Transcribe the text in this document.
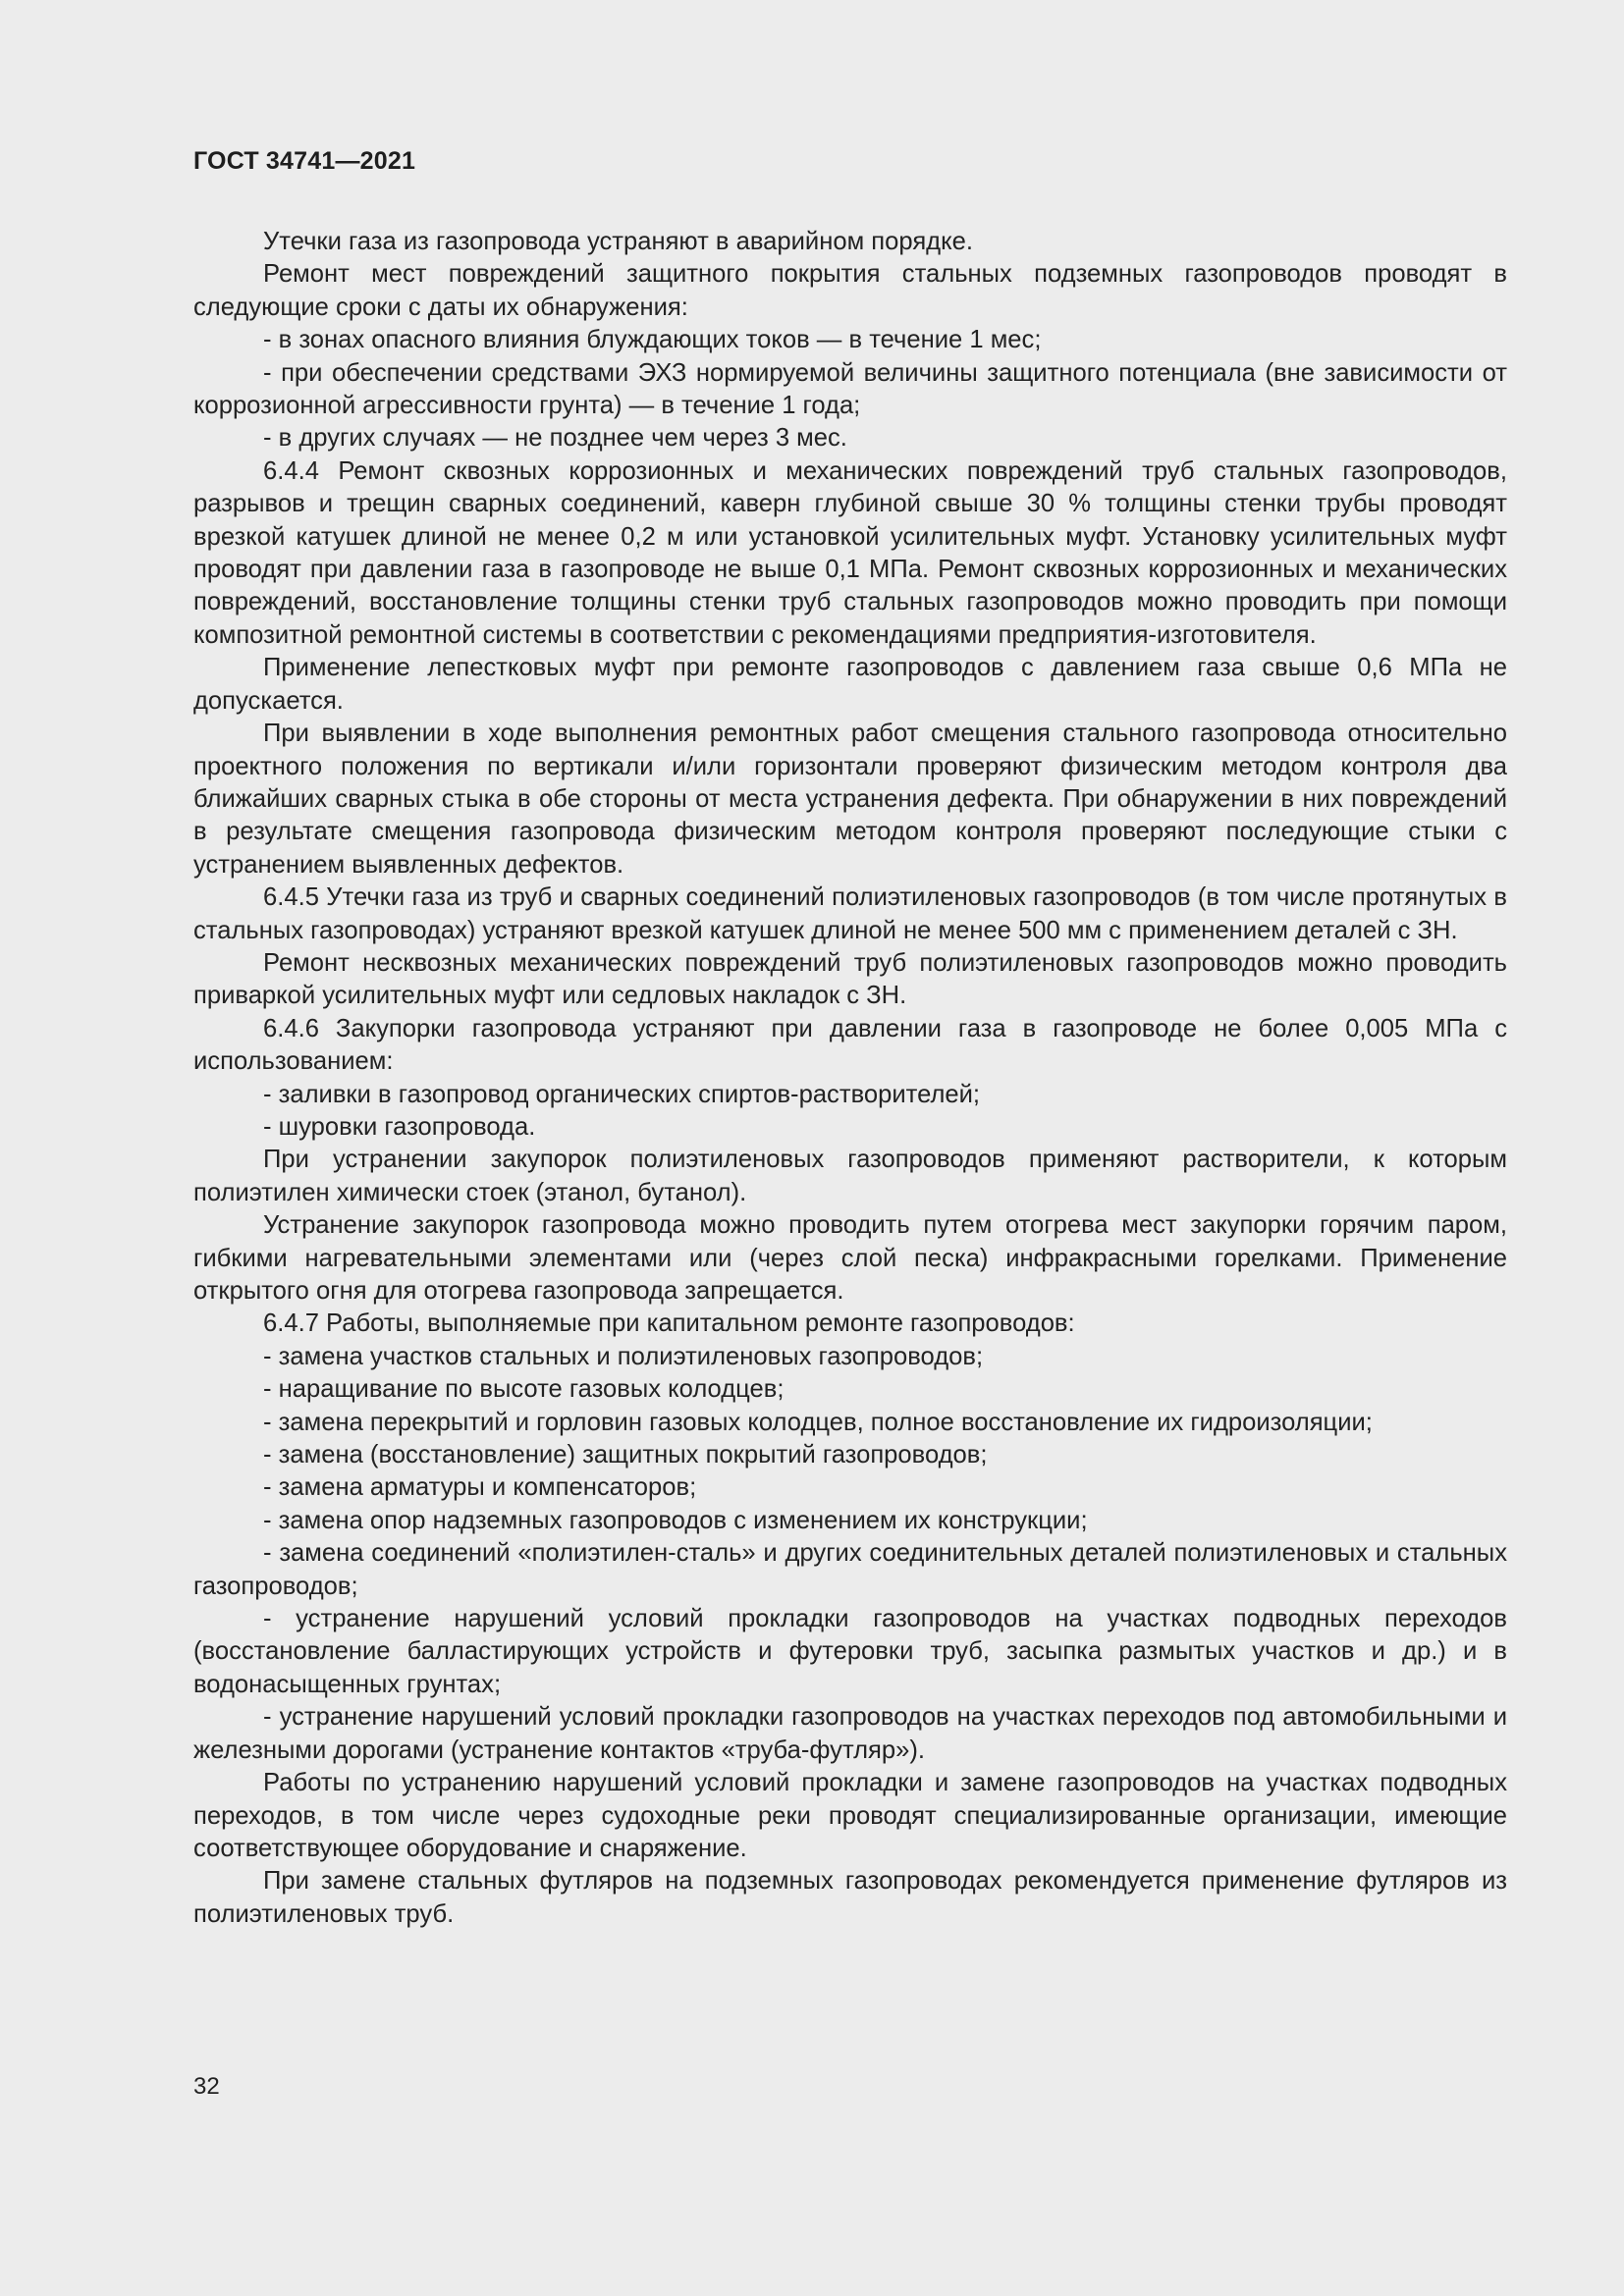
ГОСТ 34741—2021

Утечки газа из газопровода устраняют в аварийном порядке.

Ремонт мест повреждений защитного покрытия стальных подземных газопроводов проводят в следующие сроки с даты их обнаружения:

- в зонах опасного влияния блуждающих токов — в течение 1 мес;

- при обеспечении средствами ЭХЗ нормируемой величины защитного потенциала (вне зависимости от коррозионной агрессивности грунта) — в течение 1 года;

- в других случаях — не позднее чем через 3 мес.

6.4.4 Ремонт сквозных коррозионных и механических повреждений труб стальных газопроводов, разрывов и трещин сварных соединений, каверн глубиной свыше 30 % толщины стенки трубы проводят врезкой катушек длиной не менее 0,2 м или установкой усилительных муфт. Установку усилительных муфт проводят при давлении газа в газопроводе не выше 0,1 МПа. Ремонт сквозных коррозионных и механических повреждений, восстановление толщины стенки труб стальных газопроводов можно проводить при помощи композитной ремонтной системы в соответствии с рекомендациями предприятия-изготовителя.

Применение лепестковых муфт при ремонте газопроводов с давлением газа свыше 0,6 МПа не допускается.

При выявлении в ходе выполнения ремонтных работ смещения стального газопровода относительно проектного положения по вертикали и/или горизонтали проверяют физическим методом контроля два ближайших сварных стыка в обе стороны от места устранения дефекта. При обнаружении в них повреждений в результате смещения газопровода физическим методом контроля проверяют последующие стыки с устранением выявленных дефектов.

6.4.5 Утечки газа из труб и сварных соединений полиэтиленовых газопроводов (в том числе протянутых в стальных газопроводах) устраняют врезкой катушек длиной не менее 500 мм с применением деталей с ЗН.

Ремонт несквозных механических повреждений труб полиэтиленовых газопроводов можно проводить приваркой усилительных муфт или седловых накладок с ЗН.

6.4.6 Закупорки газопровода устраняют при давлении газа в газопроводе не более 0,005 МПа с использованием:

- заливки в газопровод органических спиртов-растворителей;

- шуровки газопровода.

При устранении закупорок полиэтиленовых газопроводов применяют растворители, к которым полиэтилен химически стоек (этанол, бутанол).

Устранение закупорок газопровода можно проводить путем отогрева мест закупорки горячим паром, гибкими нагревательными элементами или (через слой песка) инфракрасными горелками. Применение открытого огня для отогрева газопровода запрещается.

6.4.7 Работы, выполняемые при капитальном ремонте газопроводов:

- замена участков стальных и полиэтиленовых газопроводов;

- наращивание по высоте газовых колодцев;

- замена перекрытий и горловин газовых колодцев, полное восстановление их гидроизоляции;

- замена (восстановление) защитных покрытий газопроводов;

- замена арматуры и компенсаторов;

- замена опор надземных газопроводов с изменением их конструкции;

- замена соединений «полиэтилен-сталь» и других соединительных деталей полиэтиленовых и стальных газопроводов;

- устранение нарушений условий прокладки газопроводов на участках подводных переходов (восстановление балластирующих устройств и футеровки труб, засыпка размытых участков и др.) и в водонасыщенных грунтах;

- устранение нарушений условий прокладки газопроводов на участках переходов под автомобильными и железными дорогами (устранение контактов «труба-футляр»).

Работы по устранению нарушений условий прокладки и замене газопроводов на участках подводных переходов, в том числе через судоходные реки проводят специализированные организации, имеющие соответствующее оборудование и снаряжение.

При замене стальных футляров на подземных газопроводах рекомендуется применение футляров из полиэтиленовых труб.

32
